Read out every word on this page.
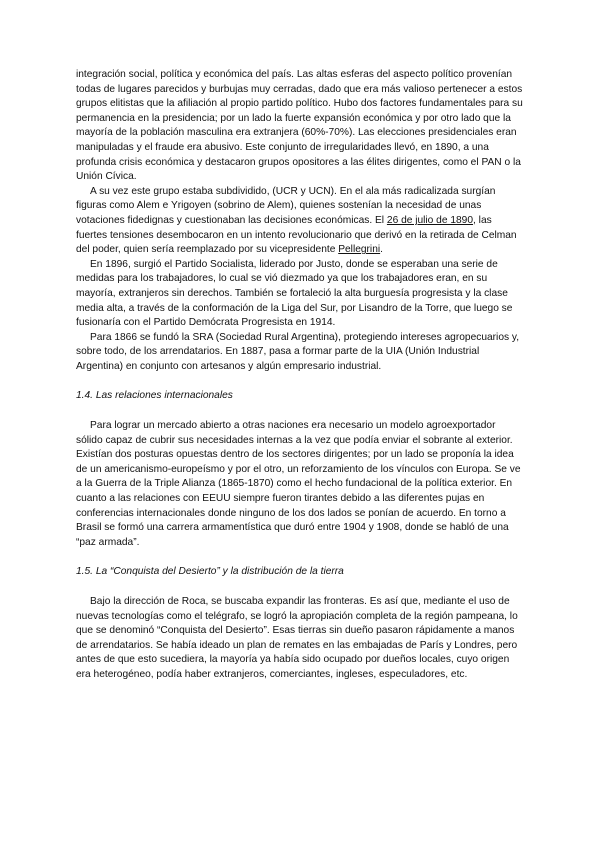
integración social, política y económica del país. Las altas esferas del aspecto político provenían todas de lugares parecidos y burbujas muy cerradas, dado que era más valioso pertenecer a estos grupos elitistas que la afiliación al propio partido político. Hubo dos factores fundamentales para su permanencia en la presidencia; por un lado la fuerte expansión económica y por otro lado que la mayoría de la población masculina era extranjera (60%-70%). Las elecciones presidenciales eran manipuladas y el fraude era abusivo. Este conjunto de irregularidades llevó, en 1890, a una profunda crisis económica y destacaron grupos opositores a las élites dirigentes, como el PAN o la Unión Cívica.

A su vez este grupo estaba subdividido, (UCR y UCN). En el ala más radicalizada surgían figuras como Alem e Yrigoyen (sobrino de Alem), quienes sostenían la necesidad de unas votaciones fidedignas y cuestionaban las decisiones económicas. El 26 de julio de 1890, las fuertes tensiones desembocaron en un intento revolucionario que derivó en la retirada de Celman del poder, quien sería reemplazado por su vicepresidente Pellegrini.

En 1896, surgió el Partido Socialista, liderado por Justo, donde se esperaban una serie de medidas para los trabajadores, lo cual se vió diezmado ya que los trabajadores eran, en su mayoría, extranjeros sin derechos. También se fortaleció la alta burguesía progresista y la clase media alta, a través de la conformación de la Liga del Sur, por Lisandro de la Torre, que luego se fusionaría con el Partido Demócrata Progresista en 1914.

Para 1866 se fundó la SRA (Sociedad Rural Argentina), protegiendo intereses agropecuarios y, sobre todo, de los arrendatarios. En 1887, pasa a formar parte de la UIA (Unión Industrial Argentina) en conjunto con artesanos y algún empresario industrial.

1.4. Las relaciones internacionales

Para lograr un mercado abierto a otras naciones era necesario un modelo agroexportador sólido capaz de cubrir sus necesidades internas a la vez que podía enviar el sobrante al exterior. Existían dos posturas opuestas dentro de los sectores dirigentes; por un lado se proponía la idea de un americanismo-europeísmo y por el otro, un reforzamiento de los vínculos con Europa. Se ve a la Guerra de la Triple Alianza (1865-1870) como el hecho fundacional de la política exterior. En cuanto a las relaciones con EEUU siempre fueron tirantes debido a las diferentes pujas en conferencias internacionales donde ninguno de los dos lados se ponían de acuerdo. En torno a Brasil se formó una carrera armamentística que duró entre 1904 y 1908, donde se habló de una “paz armada”.

1.5. La “Conquista del Desierto” y la distribución de la tierra

Bajo la dirección de Roca, se buscaba expandir las fronteras. Es así que, mediante el uso de nuevas tecnologías como el telégrafo, se logró la apropiación completa de la región pampeana, lo que se denominó “Conquista del Desierto”. Esas tierras sin dueño pasaron rápidamente a manos de arrendatarios. Se había ideado un plan de remates en las embajadas de París y Londres, pero antes de que esto sucediera, la mayoría ya había sido ocupado por dueños locales, cuyo origen era heterogéneo, podía haber extranjeros, comerciantes, ingleses, especuladores, etc.
